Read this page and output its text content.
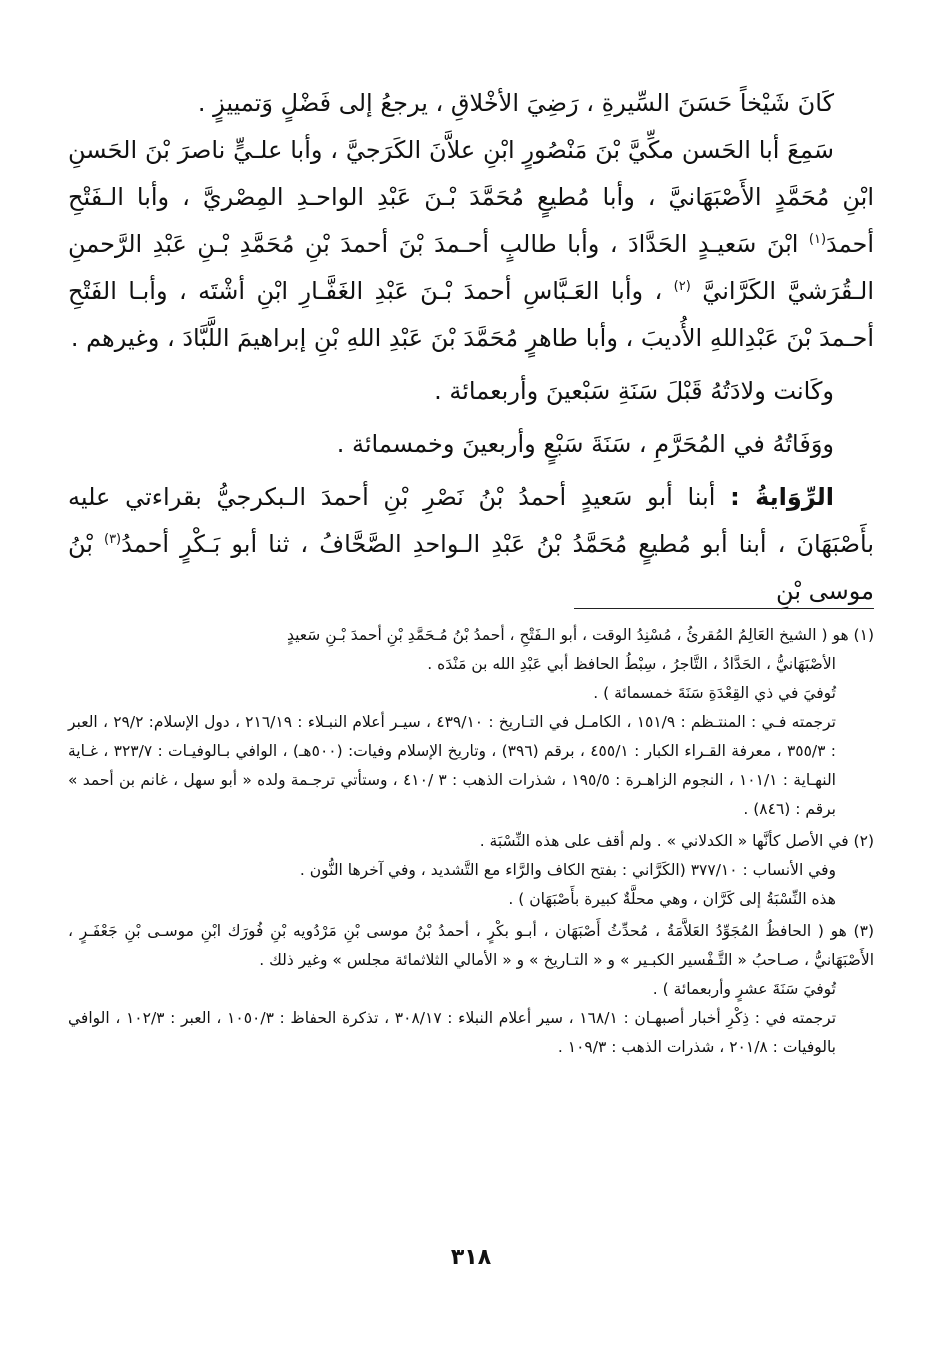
كَانَ شَيْخاً حَسَنَ السِّيرةِ ، رَضِيَ الأخْلاقِ ، يرجعُ إلى فَضْلٍ وَتمييزٍ .

سَمِعَ أبا الحَسن مكِّيَّ بْنَ مَنْصُورٍ ابْنِ علاَّنَ الكَرَجيَّ ، وأبا علـيٍّ ناصرَ بْنَ الحَسنِ ابْنِ مُحَمَّدٍ الأَصْبَهَانيَّ ، وأبا مُطيعٍ مُحَمَّدَ بْـنَ عَبْدِ الواحـدِ المِصْريَّ ، وأبا الـفَتْحِ أحمدَ$^{(١)}$ ابْنَ سَعيـدٍ الحَدَّادَ ، وأبا طالبٍ أحـمدَ بْنَ أحمدَ بْنِ مُحَمَّدِ بْـنِ عَبْدِ الرَّحمنِ الـقُرَشيَّ الكَرَّانيَّ $^{(٢)}$ ، وأبا العَـبَّاسِ أحمدَ بْـنَ عَبْدِ الغَفَّـارِ ابْنِ أشْتَه ، وأبـا الفَتْحِ أحـمدَ بْنَ عَبْدِاللهِ الأُديبَ ، وأبا طاهرٍ مُحَمَّدَ بْنَ عَبْدِ اللهِ بْنِ إبراهيمَ اللَّبَّادَ ، وغيرهم .

وكَانت ولادَتُهُ قَبْلَ سَنَةِ سَبْعينَ وأربعمائة .

ووَفَاتُهُ في المُحَرَّمِ ، سَنَةَ سَبْعٍ وأربعينَ وخمسمائة .

الرِّوَايةُ : أبنا أبو سَعيدٍ أحمدُ بْنُ نَصْرِ بْنِ أحمدَ الـبكرجيُّ بقراءتي عليه بأَصْبَهَانَ ، أبنا أبو مُطيعٍ مُحَمَّدُ بْنُ عَبْدِ الـواحدِ الصَّحَّافُ ، ثنا أبو بَـكْرٍ أحمدُ$^{(٣)}$ بْنُ موسى بْنِ

(١) هو ( الشيخ العَالِمُ المُقرئُ ، مُسْنِدُ الوقت ، أبو الـفَتْحِ ، أحمدُ بْنُ مُـحَمَّدِ بْنِ أحمدَ بْـنِ سَعيدٍ

الأصْبَهَانيُّ ، الحَدَّادُ ، التَّاجرُ ، سِبْطُ الحافظ أبي عَبْدِ الله بن مَنْدَه .

تُوفيَ في ذي القِعْدَةِ سَنَةَ خمسمائة ) .

ترجمته فـي : المنتـظم : ١٥١/٩ ، الكامـل في التـاريخ : ٤٣٩/١٠ ، سيـر أعلام النبـلاء : ٢١٦/١٩ ، دول الإسلام: ٢٩/٢ ، العبر : ٣٥٥/٣ ، معرفة القـراء الكبار : ٤٥٥/١ ، برقم (٣٩٦) ، وتاريخ الإسلام وفيات: (٥٠٠هـ) ، الوافي بـالوفيـات : ٣٢٣/٧ ، غـاية النهـاية : ١٠١/١ ، النجوم الزاهـرة : ١٩٥/٥ ، شذرات الذهب : ٣ /٤١٠ ، وستأتي ترجـمة ولده « أبو سهل ، غانم بن أحمد » برقم : (٨٤٦) .

(٢) في الأصل كأنَّها « الكدلاني » . ولم أقف على هذه النِّسْبَة .

وفي الأنساب : ٣٧٧/١٠ (الكَرَّاني : بفتح الكاف والرَّاء مع التَّشديد ، وفي آخرها النُّون .

هذه النِّسْبَةُ إلى كَرَّان ، وهي محلَّةٌ كبيرة بأَصْبَهَان ) .

(٣) هو ( الحافظُ المُجَوِّدُ العَلاَّمَةُ ، مُحدِّثُ أَصْبَهَان ، أبـو بكْرٍ ، أحمدُ بْنُ موسى بْنِ مَرْدُويه بْنِ فُورَك ابْنِ موسـى بْنِ جَعْفَـرٍ ، الأَصْبَهَانيُّ ، صـاحبُ « التَّـفْسير الكبـير » و « التـاريخ » و « الأمالي الثلاثمائة مجلس » وغير ذلك .

تُوفيَ سَنَةَ عشرٍ وأربعمائة ) .

ترجمته في : ذِكْرِ أخبار أصبهـان : ١٦٨/١ ، سير أعلام النبلاء : ٣٠٨/١٧ ، تذكرة الحفاظ : ١٠٥٠/٣ ، العبر : ١٠٢/٣ ، الوافي بالوفيات : ٢٠١/٨ ، شذرات الذهب : ١٠٩/٣ .

٣١٨
